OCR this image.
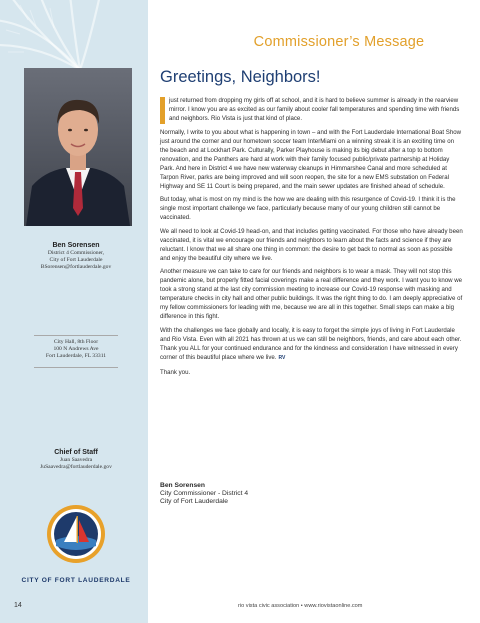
Ben Sorensen
District 4 Commissioner,
City of Fort Lauderdale
BSorensen@fortlauderdale.gov
City Hall, 8th Floor
100 N Andrews Ave
Fort Lauderdale, FL 33311
Chief of Staff
Juan Saavedra
JuSaavedra@fortlauderdale.gov
CITY OF FORT LAUDERDALE
Commissioner’s Message
Greetings, Neighbors!

just returned from dropping my girls off at school, and it is hard to believe summer is already in the rearview mirror. I know you are as excited as our family about cooler fall temperatures and spending time with friends and neighbors. Rio Vista is just that kind of place.

Normally, I write to you about what is happening in town – and with the Fort Lauderdale International Boat Show just around the corner and our hometown soccer team InterMiami on a winning streak it is an exciting time on the beach and at Lockhart Park. Culturally, Parker Playhouse is making its big debut after a top to bottom renovation, and the Panthers are hard at work with their family focused public/private partnership at Holiday Park. And here in District 4 we have new waterway cleanups in Himmarshee Canal and more scheduled at Tarpon River, parks are being improved and will soon reopen, the site for a new EMS substation on Federal Highway and SE 11 Court is being prepared, and the main sewer updates are finished ahead of schedule.

But today, what is most on my mind is the how we are dealing with this resurgence of Covid-19. I think it is the single most important challenge we face, particularly because many of our young children still cannot be vaccinated.

We all need to look at Covid-19 head-on, and that includes getting vaccinated. For those who have already been vaccinated, it is vital we encourage our friends and neighbors to learn about the facts and science if they are reluctant. I know that we all share one thing in common: the desire to get back to normal as soon as possible and enjoy the beautiful city where we live.

Another measure we can take to care for our friends and neighbors is to wear a mask. They will not stop this pandemic alone, but properly fitted facial coverings make a real difference and they work. I want you to know we took a strong stand at the last city commission meeting to increase our Covid-19 response with masking and temperature checks in city hall and other public buildings. It was the right thing to do. I am deeply appreciative of my fellow commissioners for leading with me, because we are all in this together. Small steps can make a big difference in this fight.

With the challenges we face globally and locally, it is easy to forget the simple joys of living in Fort Lauderdale and Rio Vista. Even with all 2021 has thrown at us we can still be neighbors, friends, and care about each other. Thank you ALL for your continued endurance and for the kindness and consideration I have witnessed in every corner of this beautiful place where we live. RV

Thank you.

Ben Sorensen
City Commissioner - District 4
City of Fort Lauderdale
14	rio vista civic association • www.riovistaonline.com
